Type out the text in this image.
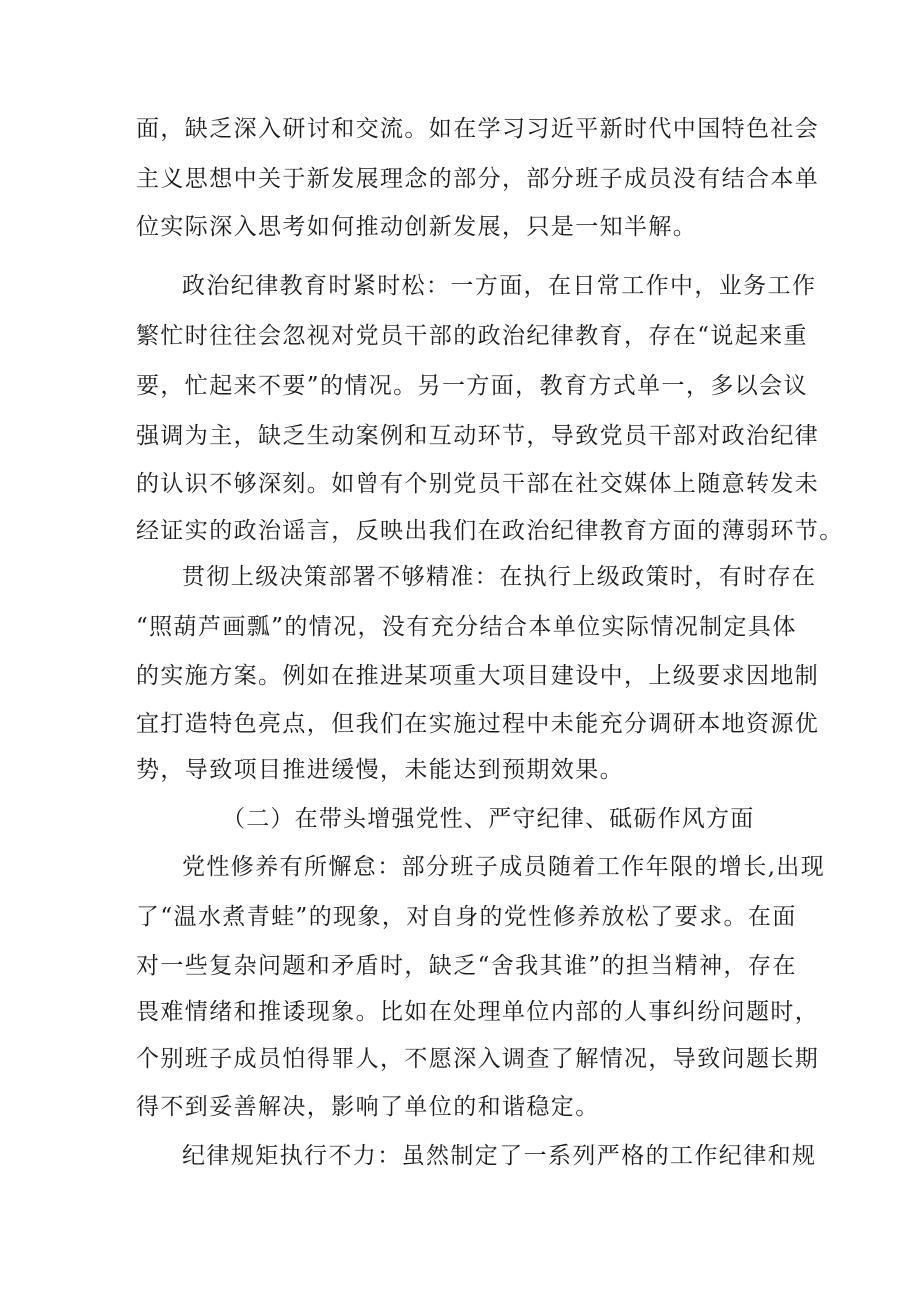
面，缺乏深入研讨和交流。如在学习习近平新时代中国特色社会

主义思想中关于新发展理念的部分，部分班子成员没有结合本单

位实际深入思考如何推动创新发展，只是一知半解。

政治纪律教育时紧时松：一方面，在日常工作中，业务工作

繁忙时往往会忽视对党员干部的政治纪律教育，存在“说起来重

要，忙起来不要”的情况。另一方面，教育方式单一，多以会议

强调为主，缺乏生动案例和互动环节，导致党员干部对政治纪律

的认识不够深刻。如曾有个别党员干部在社交媒体上随意转发未

经证实的政治谣言，反映出我们在政治纪律教育方面的薄弱环节。

贯彻上级决策部署不够精准：在执行上级政策时，有时存在

“照葫芦画瓢”的情况，没有充分结合本单位实际情况制定具体

的实施方案。例如在推进某项重大项目建设中，上级要求因地制

宜打造特色亮点，但我们在实施过程中未能充分调研本地资源优

势，导致项目推进缓慢，未能达到预期效果。

（二）在带头增强党性、严守纪律、砥砺作风方面

党性修养有所懈怠：部分班子成员随着工作年限的增长,出现

了“温水煮青蛙”的现象，对自身的党性修养放松了要求。在面

对一些复杂问题和矛盾时，缺乏“舍我其谁”的担当精神，存在

畏难情绪和推诿现象。比如在处理单位内部的人事纠纷问题时，

个别班子成员怕得罪人，不愿深入调查了解情况，导致问题长期

得不到妥善解决，影响了单位的和谐稳定。

纪律规矩执行不力：虽然制定了一系列严格的工作纪律和规
